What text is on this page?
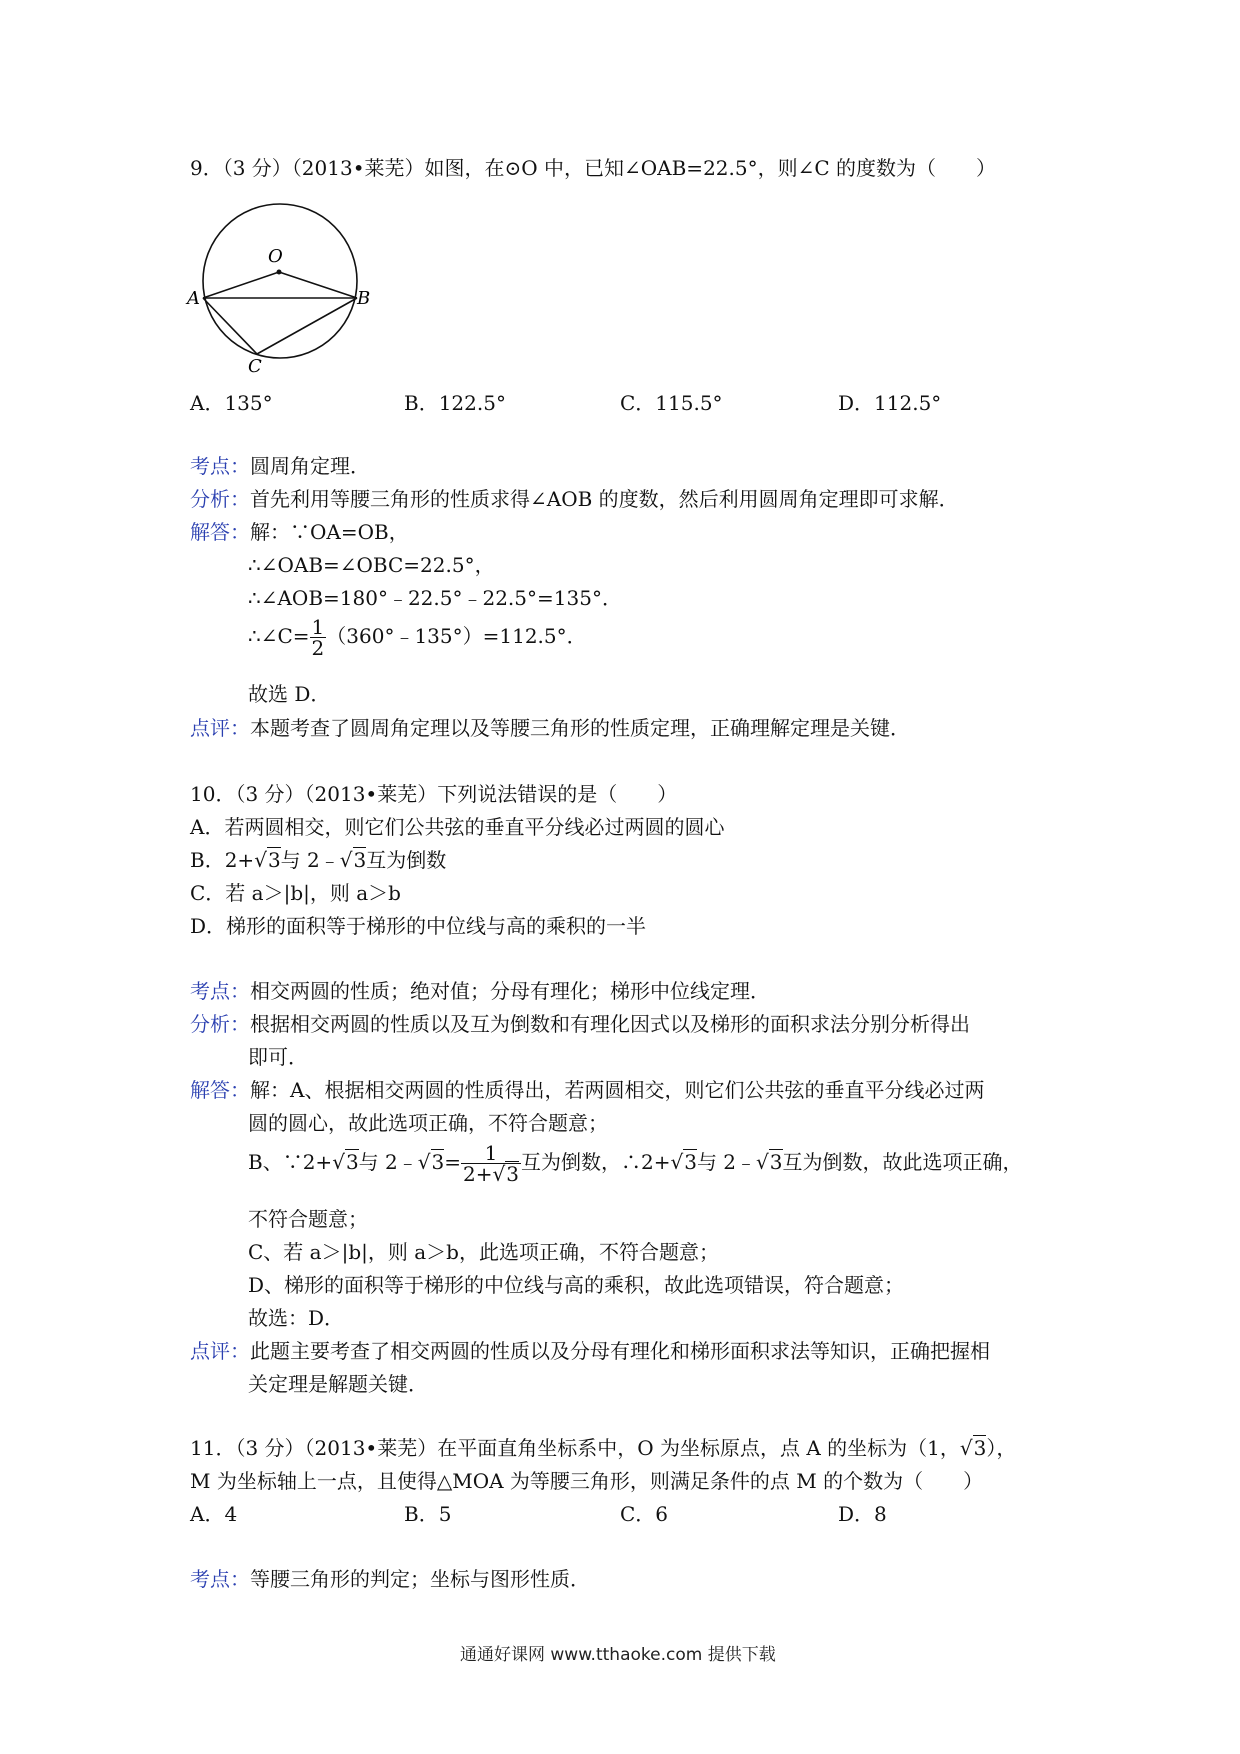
9．（3 分）（2013•莱芜）如图，在⊙O 中，已知∠OAB=22.5°，则∠C 的度数为（　　）
O
A	B
C
A．135°	B．122.5°	C．115.5°	D．112.5°
考点：圆周角定理．
分析：首先利用等腰三角形的性质求得∠AOB 的度数，然后利用圆周角定理即可求解．
解答：解：∵OA=OB，
∴∠OAB=∠OBC=22.5°，
∴∠AOB=180°﹣22.5°﹣22.5°=135°．
∴∠C= $\frac{1}{2}$ （360°﹣135°）=112.5°．
故选 D．
点评：本题考查了圆周角定理以及等腰三角形的性质定理，正确理解定理是关键．
10．（3 分）（2013•莱芜）下列说法错误的是（　　）
A．若两圆相交，则它们公共弦的垂直平分线必过两圆的圆心
B．2+√3与 2﹣√3互为倒数
C．若 a＞|b|，则 a＞b
D．梯形的面积等于梯形的中位线与高的乘积的一半
考点：相交两圆的性质；绝对值；分母有理化；梯形中位线定理．
分析：根据相交两圆的性质以及互为倒数和有理化因式以及梯形的面积求法分别分析得出
即可．
解答：解：A、根据相交两圆的性质得出，若两圆相交，则它们公共弦的垂直平分线必过两
圆的圆心，故此选项正确，不符合题意；
B、∵2+√3与 2﹣√3= $\frac{1}{2+√3}$ 互为倒数，∴2+√3与 2﹣√3互为倒数，故此选项正确，
不符合题意；
C、若 a＞|b|，则 a＞b，此选项正确，不符合题意；
D、梯形的面积等于梯形的中位线与高的乘积，故此选项错误，符合题意；
故选：D．
点评：此题主要考查了相交两圆的性质以及分母有理化和梯形面积求法等知识，正确把握相
关定理是解题关键．
11．（3 分）（2013•莱芜）在平面直角坐标系中，O 为坐标原点，点 A 的坐标为（1，√3），
M 为坐标轴上一点，且使得△MOA 为等腰三角形，则满足条件的点 M 的个数为（　　）
A．4	B．5	C．6	D．8
考点：等腰三角形的判定；坐标与图形性质．
通通好课网 www.tthaoke.com 提供下载
